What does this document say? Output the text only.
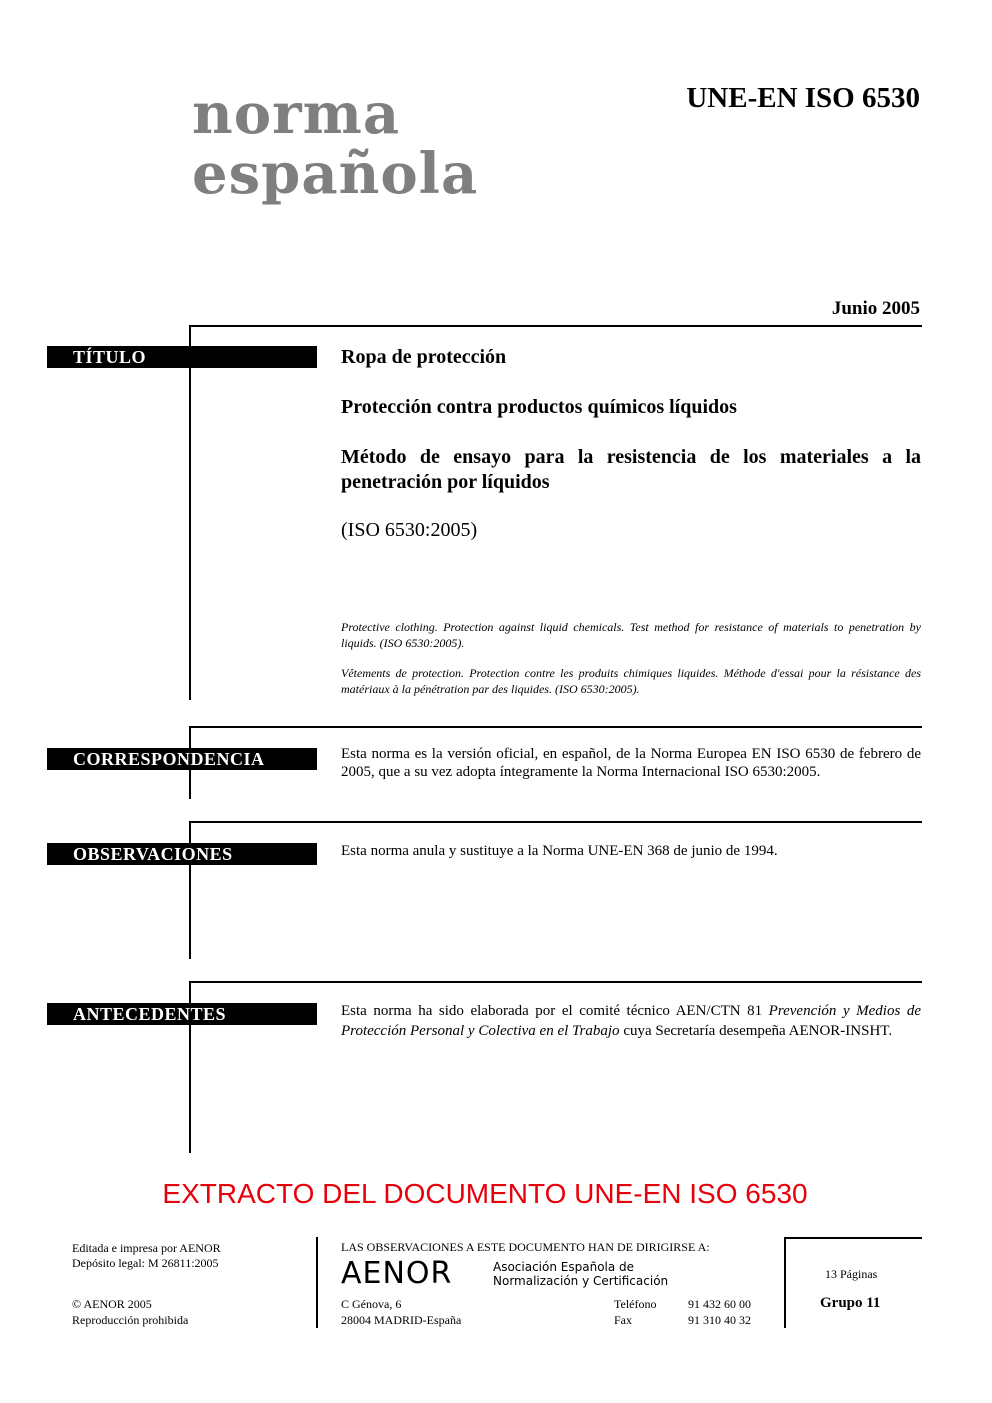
norma
española
UNE-EN ISO 6530
Junio 2005
TÍTULO	Ropa de protección
Protección contra productos químicos líquidos
Método de ensayo para la resistencia de los materiales a la penetración por líquidos
(ISO 6530:2005)
Protective clothing. Protection against liquid chemicals. Test method for resistance of materials to penetration by liquids. (ISO 6530:2005).
Vêtements de protection. Protection contre les produits chimiques liquides. Méthode d'essai pour la résistance des matériaux à la pénétration par des liquides. (ISO 6530:2005).
CORRESPONDENCIA	Esta norma es la versión oficial, en español, de la Norma Europea EN ISO 6530 de febrero de 2005, que a su vez adopta íntegramente la Norma Internacional ISO 6530:2005.
OBSERVACIONES	Esta norma anula y sustituye a la Norma UNE-EN 368 de junio de 1994.
ANTECEDENTES	Esta norma ha sido elaborada por el comité técnico AEN/CTN 81 Prevención y Medios de Protección Personal y Colectiva en el Trabajo cuya Secretaría desempeña AENOR-INSHT.
EXTRACTO DEL DOCUMENTO UNE-EN ISO 6530
Editada e impresa por AENOR
Depósito legal: M 26811:2005
© AENOR 2005
Reproducción prohibida
LAS OBSERVACIONES A ESTE DOCUMENTO HAN DE DIRIGIRSE A:
AENOR	Asociación Española de
Normalización y Certificación
C Génova, 6
28004 MADRID-España
Teléfono	91 432 60 00
Fax	91 310 40 32
13 Páginas
Grupo 11
